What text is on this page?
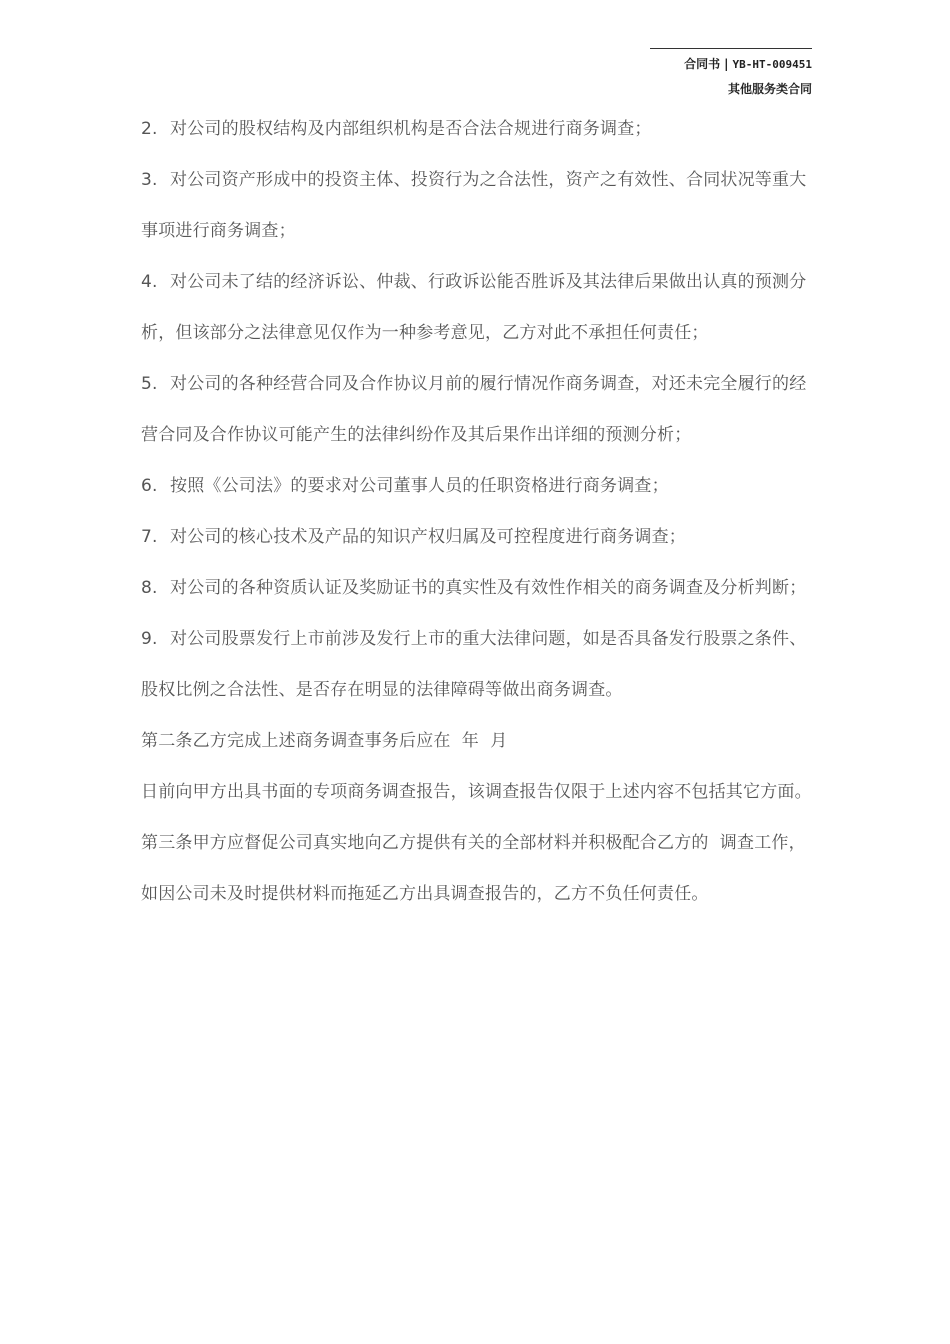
合同书 | YB-HT-009451
其他服务类合同

2. 对公司的股权结构及内部组织机构是否合法合规进行商务调查；

3. 对公司资产形成中的投资主体、投资行为之合法性，资产之有效性、合同状况等重大事项进行商务调查；

4. 对公司未了结的经济诉讼、仲裁、行政诉讼能否胜诉及其法律后果做出认真的预测分析，但该部分之法律意见仅作为一种参考意见，乙方对此不承担任何责任；

5. 对公司的各种经营合同及合作协议月前的履行情况作商务调查，对还未完全履行的经营合同及合作协议可能产生的法律纠纷作及其后果作出详细的预测分析；

6. 按照《公司法》的要求对公司董事人员的任职资格进行商务调查；

7. 对公司的核心技术及产品的知识产权归属及可控程度进行商务调查；

8. 对公司的各种资质认证及奖励证书的真实性及有效性作相关的商务调查及分析判断；

9. 对公司股票发行上市前涉及发行上市的重大法律问题，如是否具备发行股票之条件、股权比例之合法性、是否存在明显的法律障碍等做出商务调查。

第二条乙方完成上述商务调查事务后应在  年  月

日前向甲方出具书面的专项商务调查报告，该调查报告仅限于上述内容不包括其它方面。

第三条甲方应督促公司真实地向乙方提供有关的全部材料并积极配合乙方的  调查工作，如因公司未及时提供材料而拖延乙方出具调查报告的，乙方不负任何责任。
